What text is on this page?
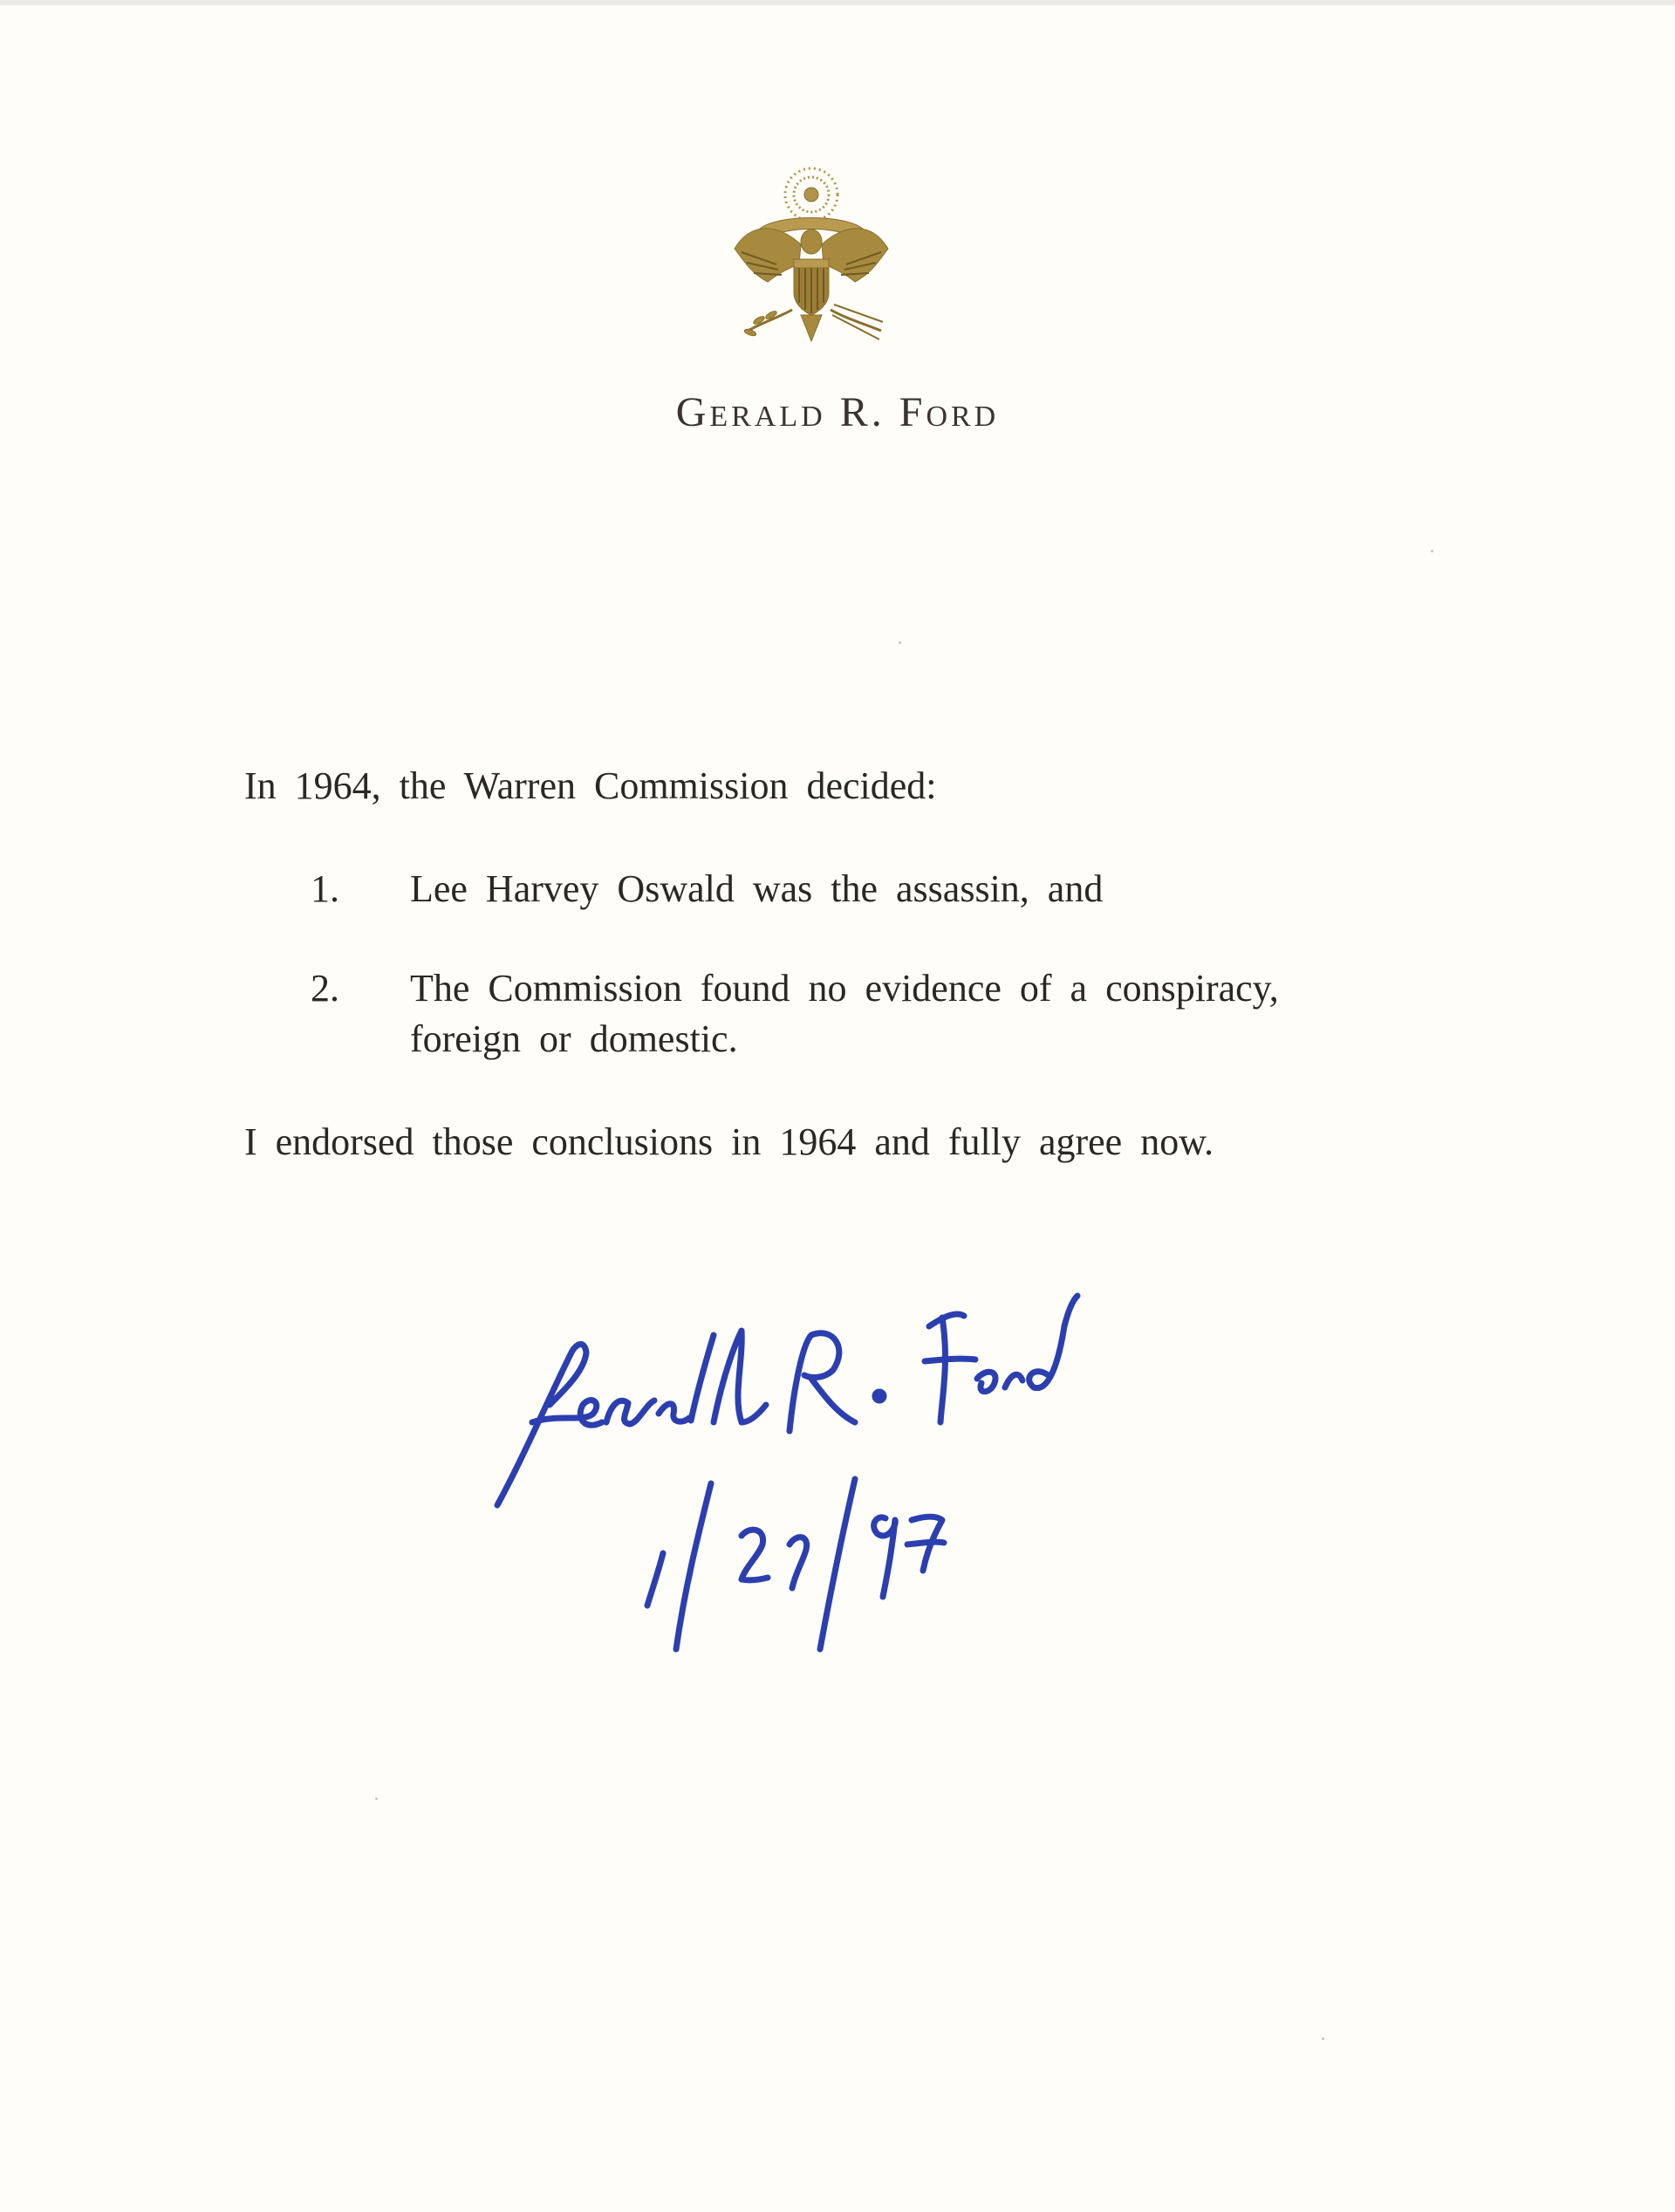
Gerald R. Ford
In 1964, the Warren Commission decided:
1. Lee Harvey Oswald was the assassin, and
2. The Commission found no evidence of a conspiracy, foreign or domestic.
I endorsed those conclusions in 1964 and fully agree now.
